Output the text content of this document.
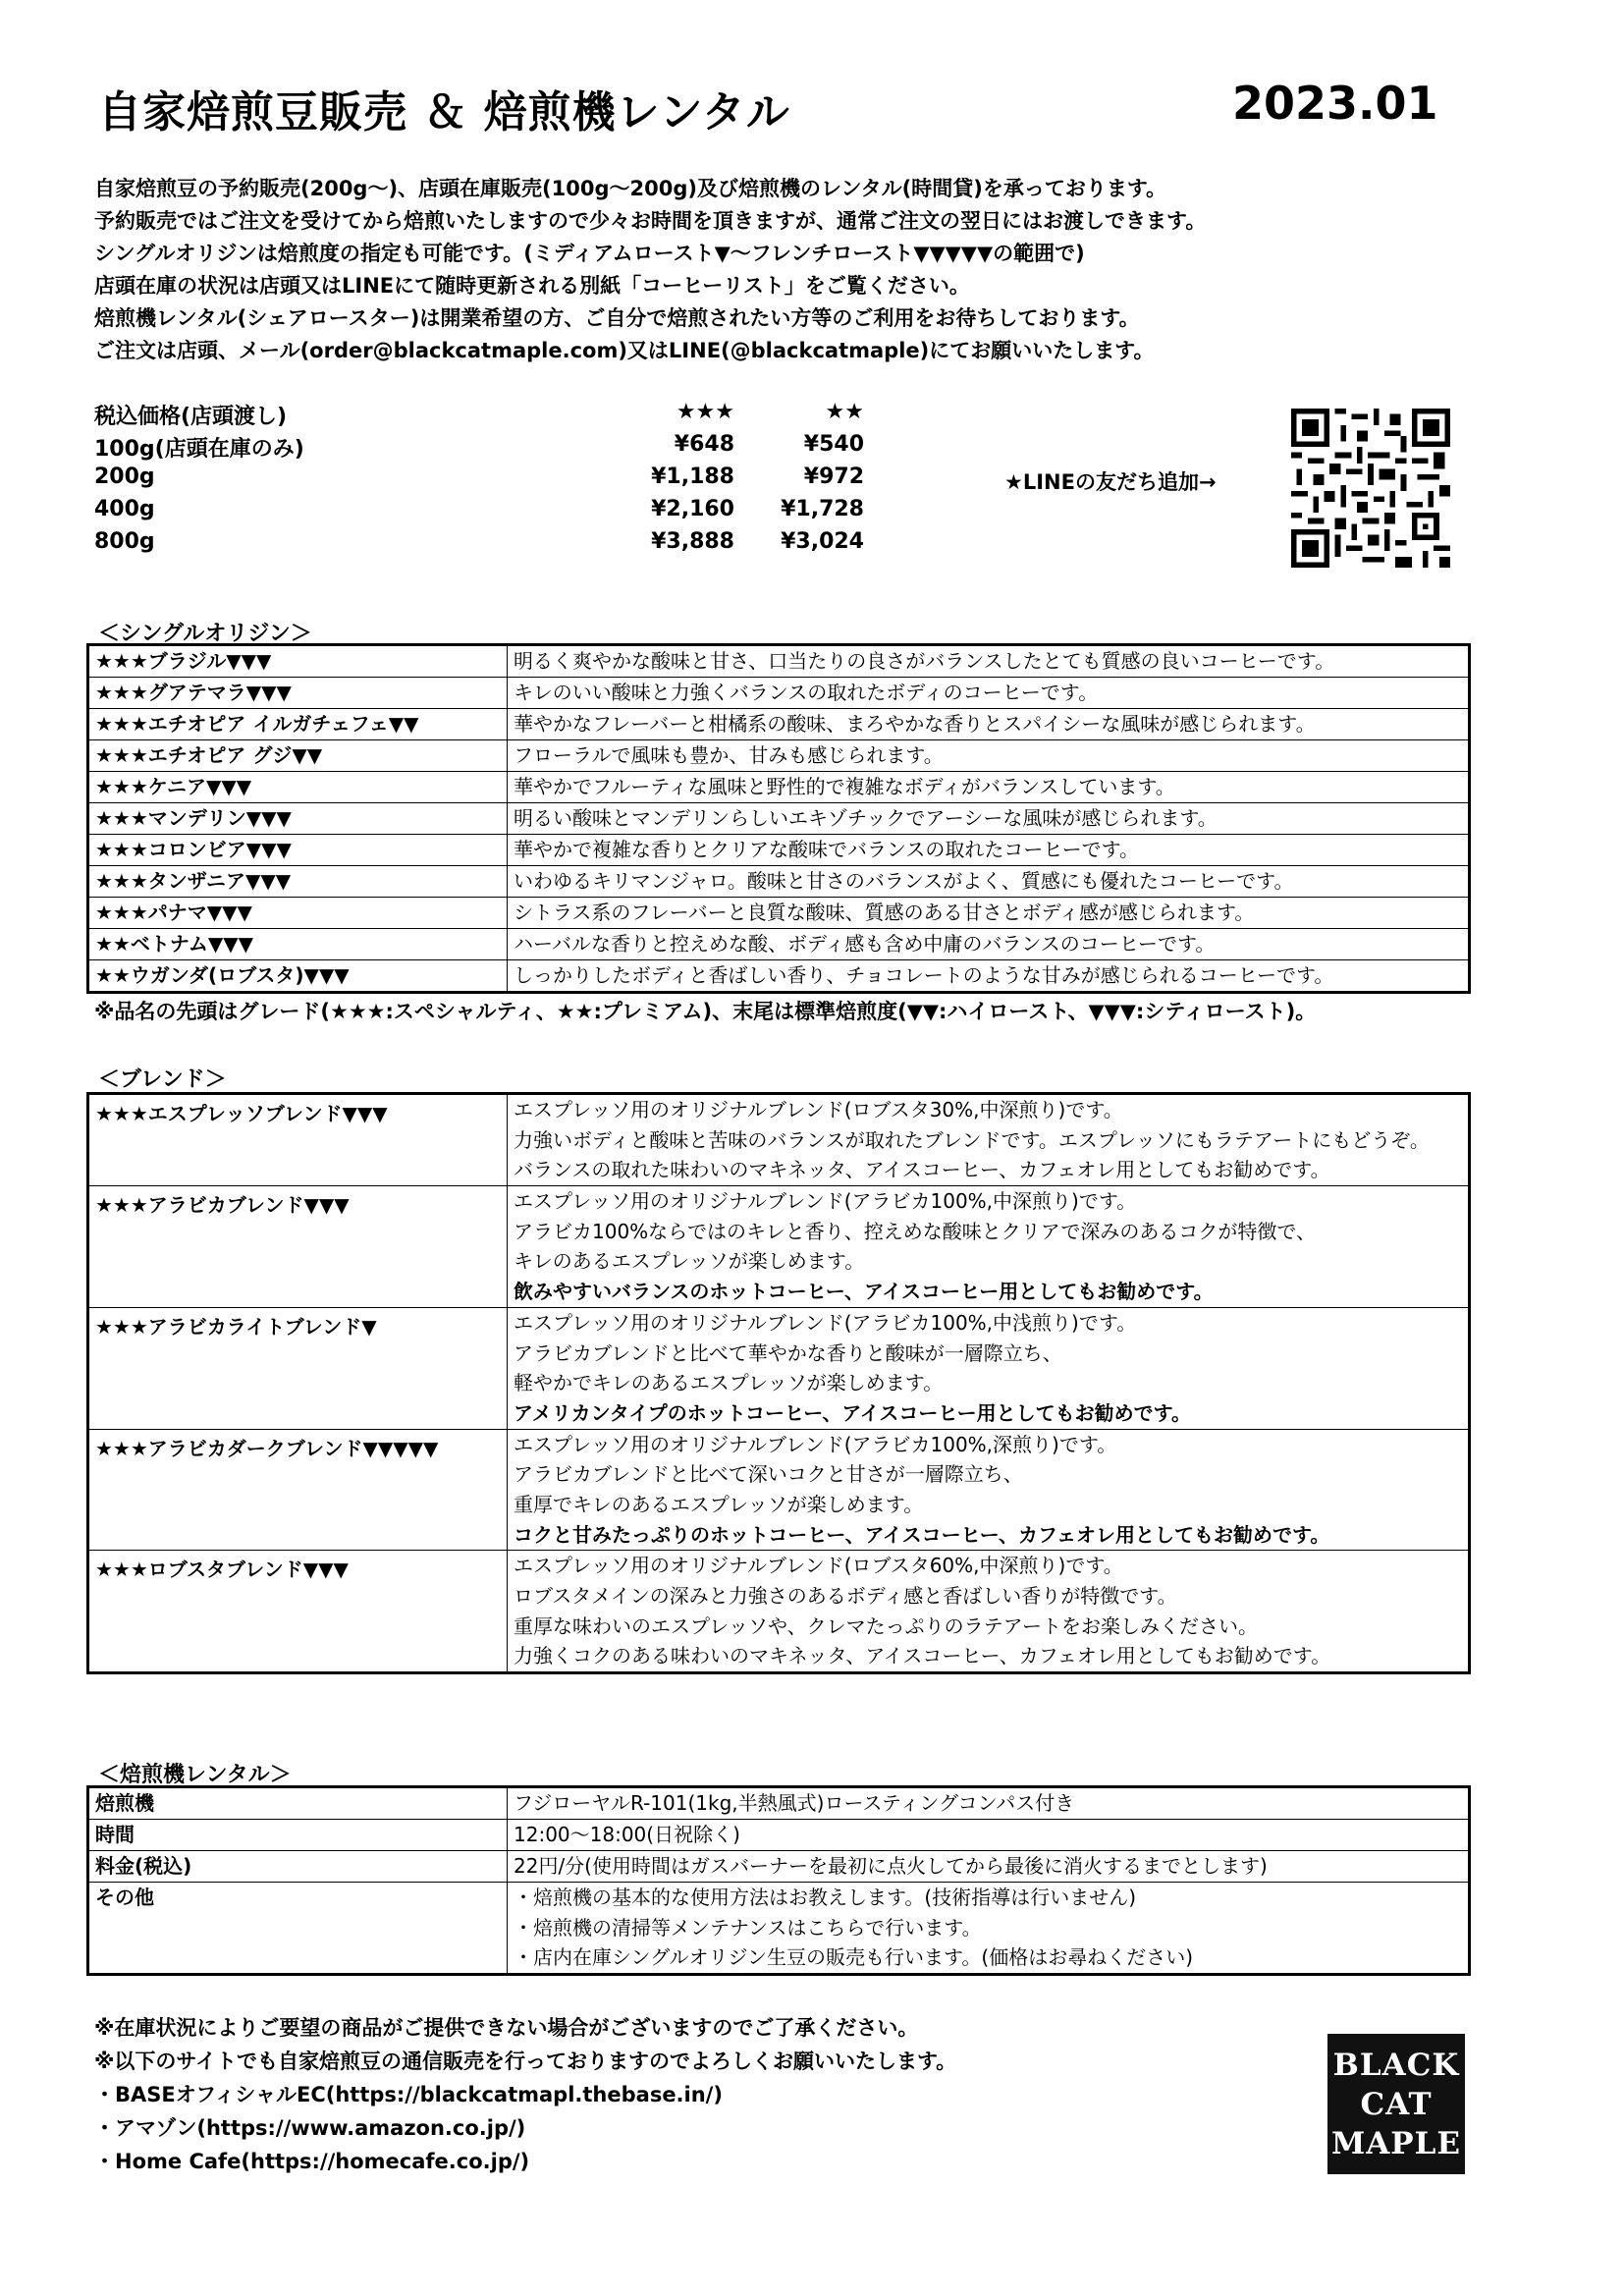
自家焙煎豆販売 ＆ 焙煎機レンタル	2023.01
自家焙煎豆の予約販売(200g～)、店頭在庫販売(100g～200g)及び焙煎機のレンタル(時間貸)を承っております。
予約販売ではご注文を受けてから焙煎いたしますので少々お時間を頂きますが、通常ご注文の翌日にはお渡しできます。
シングルオリジンは焙煎度の指定も可能です。(ミディアムロースト▼～フレンチロースト▼▼▼▼▼の範囲で)
店頭在庫の状況は店頭又はLINEにて随時更新される別紙「コーヒーリスト」をご覧ください。
焙煎機レンタル(シェアロースター)は開業希望の方、ご自分で焙煎されたい方等のご利用をお待ちしております。
ご注文は店頭、メール(order@blackcatmaple.com)又はLINE(@blackcatmaple)にてお願いいたします。
税込価格(店頭渡し)	★★★	★★
100g(店頭在庫のみ)	¥648	¥540
200g	¥1,188	¥972
400g	¥2,160	¥1,728
800g	¥3,888	¥3,024
★LINEの友だち追加→
＜シングルオリジン＞
★★★ブラジル▼▼▼	明るく爽やかな酸味と甘さ、口当たりの良さがバランスしたとても質感の良いコーヒーです。
★★★グアテマラ▼▼▼	キレのいい酸味と力強くバランスの取れたボディのコーヒーです。
★★★エチオピア イルガチェフェ▼▼	華やかなフレーバーと柑橘系の酸味、まろやかな香りとスパイシーな風味が感じられます。
★★★エチオピア グジ▼▼	フローラルで風味も豊か、甘みも感じられます。
★★★ケニア▼▼▼	華やかでフルーティな風味と野性的で複雑なボディがバランスしています。
★★★マンデリン▼▼▼	明るい酸味とマンデリンらしいエキゾチックでアーシーな風味が感じられます。
★★★コロンビア▼▼▼	華やかで複雑な香りとクリアな酸味でバランスの取れたコーヒーです。
★★★タンザニア▼▼▼	いわゆるキリマンジャロ。酸味と甘さのバランスがよく、質感にも優れたコーヒーです。
★★★パナマ▼▼▼	シトラス系のフレーバーと良質な酸味、質感のある甘さとボディ感が感じられます。
★★ベトナム▼▼▼	ハーバルな香りと控えめな酸、ボディ感も含め中庸のバランスのコーヒーです。
★★ウガンダ(ロブスタ)▼▼▼	しっかりしたボディと香ばしい香り、チョコレートのような甘みが感じられるコーヒーです。
※品名の先頭はグレード(★★★:スペシャルティ、★★:プレミアム)、末尾は標準焙煎度(▼▼:ハイロースト、▼▼▼:シティロースト)。
＜ブレンド＞
★★★エスプレッソブレンド▼▼▼	エスプレッソ用のオリジナルブレンド(ロブスタ30%,中深煎り)です。
力強いボディと酸味と苦味のバランスが取れたブレンドです。エスプレッソにもラテアートにもどうぞ。
バランスの取れた味わいのマキネッタ、アイスコーヒー、カフェオレ用としてもお勧めです。

★★★アラビカブレンド▼▼▼	エスプレッソ用のオリジナルブレンド(アラビカ100%,中深煎り)です。
アラビカ100%ならではのキレと香り、控えめな酸味とクリアで深みのあるコクが特徴で、
キレのあるエスプレッソが楽しめます。
飲みやすいバランスのホットコーヒー、アイスコーヒー用としてもお勧めです。

★★★アラビカライトブレンド▼	エスプレッソ用のオリジナルブレンド(アラビカ100%,中浅煎り)です。
アラビカブレンドと比べて華やかな香りと酸味が一層際立ち、
軽やかでキレのあるエスプレッソが楽しめます。
アメリカンタイプのホットコーヒー、アイスコーヒー用としてもお勧めです。

★★★アラビカダークブレンド▼▼▼▼▼	エスプレッソ用のオリジナルブレンド(アラビカ100%,深煎り)です。
アラビカブレンドと比べて深いコクと甘さが一層際立ち、
重厚でキレのあるエスプレッソが楽しめます。
コクと甘みたっぷりのホットコーヒー、アイスコーヒー、カフェオレ用としてもお勧めです。

★★★ロブスタブレンド▼▼▼	エスプレッソ用のオリジナルブレンド(ロブスタ60%,中深煎り)です。
ロブスタメインの深みと力強さのあるボディ感と香ばしい香りが特徴です。
重厚な味わいのエスプレッソや、クレマたっぷりのラテアートをお楽しみください。
力強くコクのある味わいのマキネッタ、アイスコーヒー、カフェオレ用としてもお勧めです。
＜焙煎機レンタル＞
焙煎機	フジローヤルR-101(1kg,半熱風式)ロースティングコンパス付き
時間	12:00～18:00(日祝除く)
料金(税込)	22円/分(使用時間はガスバーナーを最初に点火してから最後に消火するまでとします)
その他	・焙煎機の基本的な使用方法はお教えします。(技術指導は行いません)
・焙煎機の清掃等メンテナンスはこちらで行います。
・店内在庫シングルオリジン生豆の販売も行います。(価格はお尋ねください)
※在庫状況によりご要望の商品がご提供できない場合がございますのでご了承ください。
※以下のサイトでも自家焙煎豆の通信販売を行っておりますのでよろしくお願いいたします。
・BASEオフィシャルEC(https://blackcatmapl.thebase.in/)
・アマゾン(https://www.amazon.co.jp/)
・Home Cafe(https://homecafe.co.jp/)
BLACK
CAT
MAPLE
